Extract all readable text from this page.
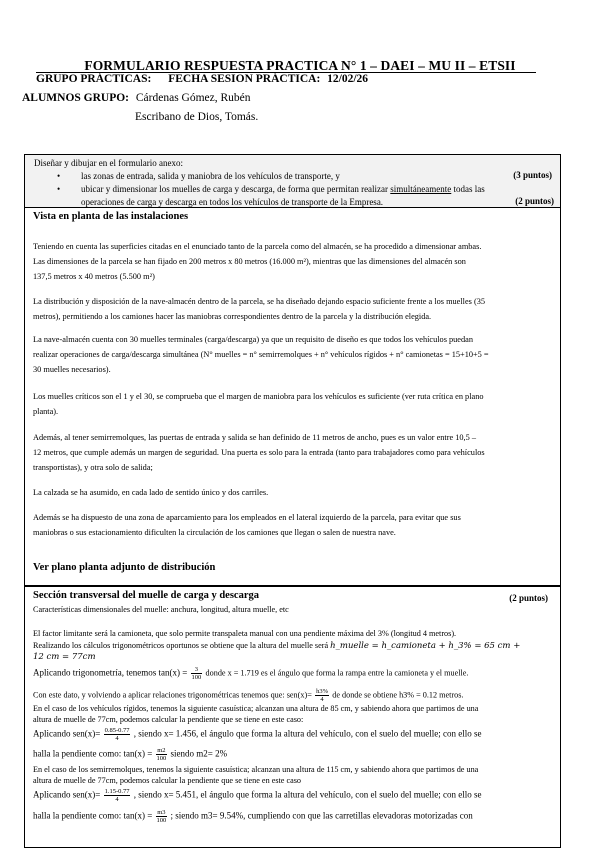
FORMULARIO RESPUESTA PRACTICA N° 1 – DAEI – MU II – ETSII
GRUPO PRÁCTICAS: FECHA SESION PRÁCTICA: 12/02/26
ALUMNOS GRUPO: Cárdenas Gómez, Rubén
Escribano de Dios, Tomás.
Diseñar y dibujar en el formulario anexo:
• las zonas de entrada, salida y maniobra de los vehículos de transporte, y	(3 puntos)
• ubicar y dimensionar los muelles de carga y descarga, de forma que permitan realizar simultáneamente todas las
operaciones de carga y descarga en todos los vehículos de transporte de la Empresa.	(2 puntos)
Vista en planta de las instalaciones
Teniendo en cuenta las superficies citadas en el enunciado tanto de la parcela como del almacén, se ha procedido a dimensionar ambas.
Las dimensiones de la parcela se han fijado en 200 metros x 80 metros (16.000 m²), mientras que las dimensiones del almacén son
137,5 metros x 40 metros (5.500 m²)
La distribución y disposición de la nave-almacén dentro de la parcela, se ha diseñado dejando espacio suficiente frente a los muelles (35
metros), permitiendo a los camiones hacer las maniobras correspondientes dentro de la parcela y la distribución elegida.
La nave-almacén cuenta con 30 muelles terminales (carga/descarga) ya que un requisito de diseño es que todos los vehículos puedan
realizar operaciones de carga/descarga simultánea (N° muelles = n° semirremolques + n° vehículos rígidos + n° camionetas = 15+10+5 =
30 muelles necesarios).
Los muelles críticos son el 1 y el 30, se comprueba que el margen de maniobra para los vehículos es suficiente (ver ruta crítica en plano
planta).
Además, al tener semirremolques, las puertas de entrada y salida se han definido de 11 metros de ancho, pues es un valor entre 10,5 –
12 metros, que cumple además un margen de seguridad. Una puerta es solo para la entrada (tanto para trabajadores como para vehículos
transportistas), y otra solo de salida;
La calzada se ha asumido, en cada lado de sentido único y dos carriles.
Además se ha dispuesto de una zona de aparcamiento para los empleados en el lateral izquierdo de la parcela, para evitar que sus
maniobras o sus estacionamiento dificulten la circulación de los camiones que llegan o salen de nuestra nave.
Ver plano planta adjunto de distribución
Sección transversal del muelle de carga y descarga	(2 puntos)
Características dimensionales del muelle: anchura, longitud, altura muelle, etc
El factor limitante será la camioneta, que solo permite transpaleta manual con una pendiente máxima del 3% (longitud 4 metros).
Realizando los cálculos trigonométricos oportunos se obtiene que la altura del muelle será h_muelle = h_camioneta + h_3% = 65 cm +
12 cm = 77cm
Aplicando trigonometría, tenemos $\tan(x) = \frac{3}{100}$ donde x = 1.719 es el ángulo que forma la rampa entre la camioneta y el muelle.
Con este dato, y volviendo a aplicar relaciones trigonométricas tenemos que: $sen(x)= \frac{h3\%}{4}$ de donde se obtiene h3% = 0.12 metros.
En el caso de los vehículos rígidos, tenemos la siguiente casuística; alcanzan una altura de 85 cm, y sabiendo ahora que partimos de una
altura de muelle de 77cm, podemos calcular la pendiente que se tiene en este caso:
Aplicando $sen(x)= \frac{0.85-0.77}{4}$ , siendo x= 1.456, el ángulo que forma la altura del vehículo, con el suelo del muelle; con ello se
halla la pendiente como: $\tan(x) = \frac{m2}{100}$ siendo m2= 2%
En el caso de los semirremolques, tenemos la siguiente casuística; alcanzan una altura de 115 cm, y sabiendo ahora que partimos de una
altura de muelle de 77cm, podemos calcular la pendiente que se tiene en este caso
Aplicando $sen(x)= \frac{1.15-0.77}{4}$ , siendo x= 5.451, el ángulo que forma la altura del vehículo, con el suelo del muelle; con ello se
halla la pendiente como: $\tan(x) = \frac{m3}{100}$ ; siendo m3= 9.54%, cumpliendo con que las carretillas elevadoras motorizadas con
